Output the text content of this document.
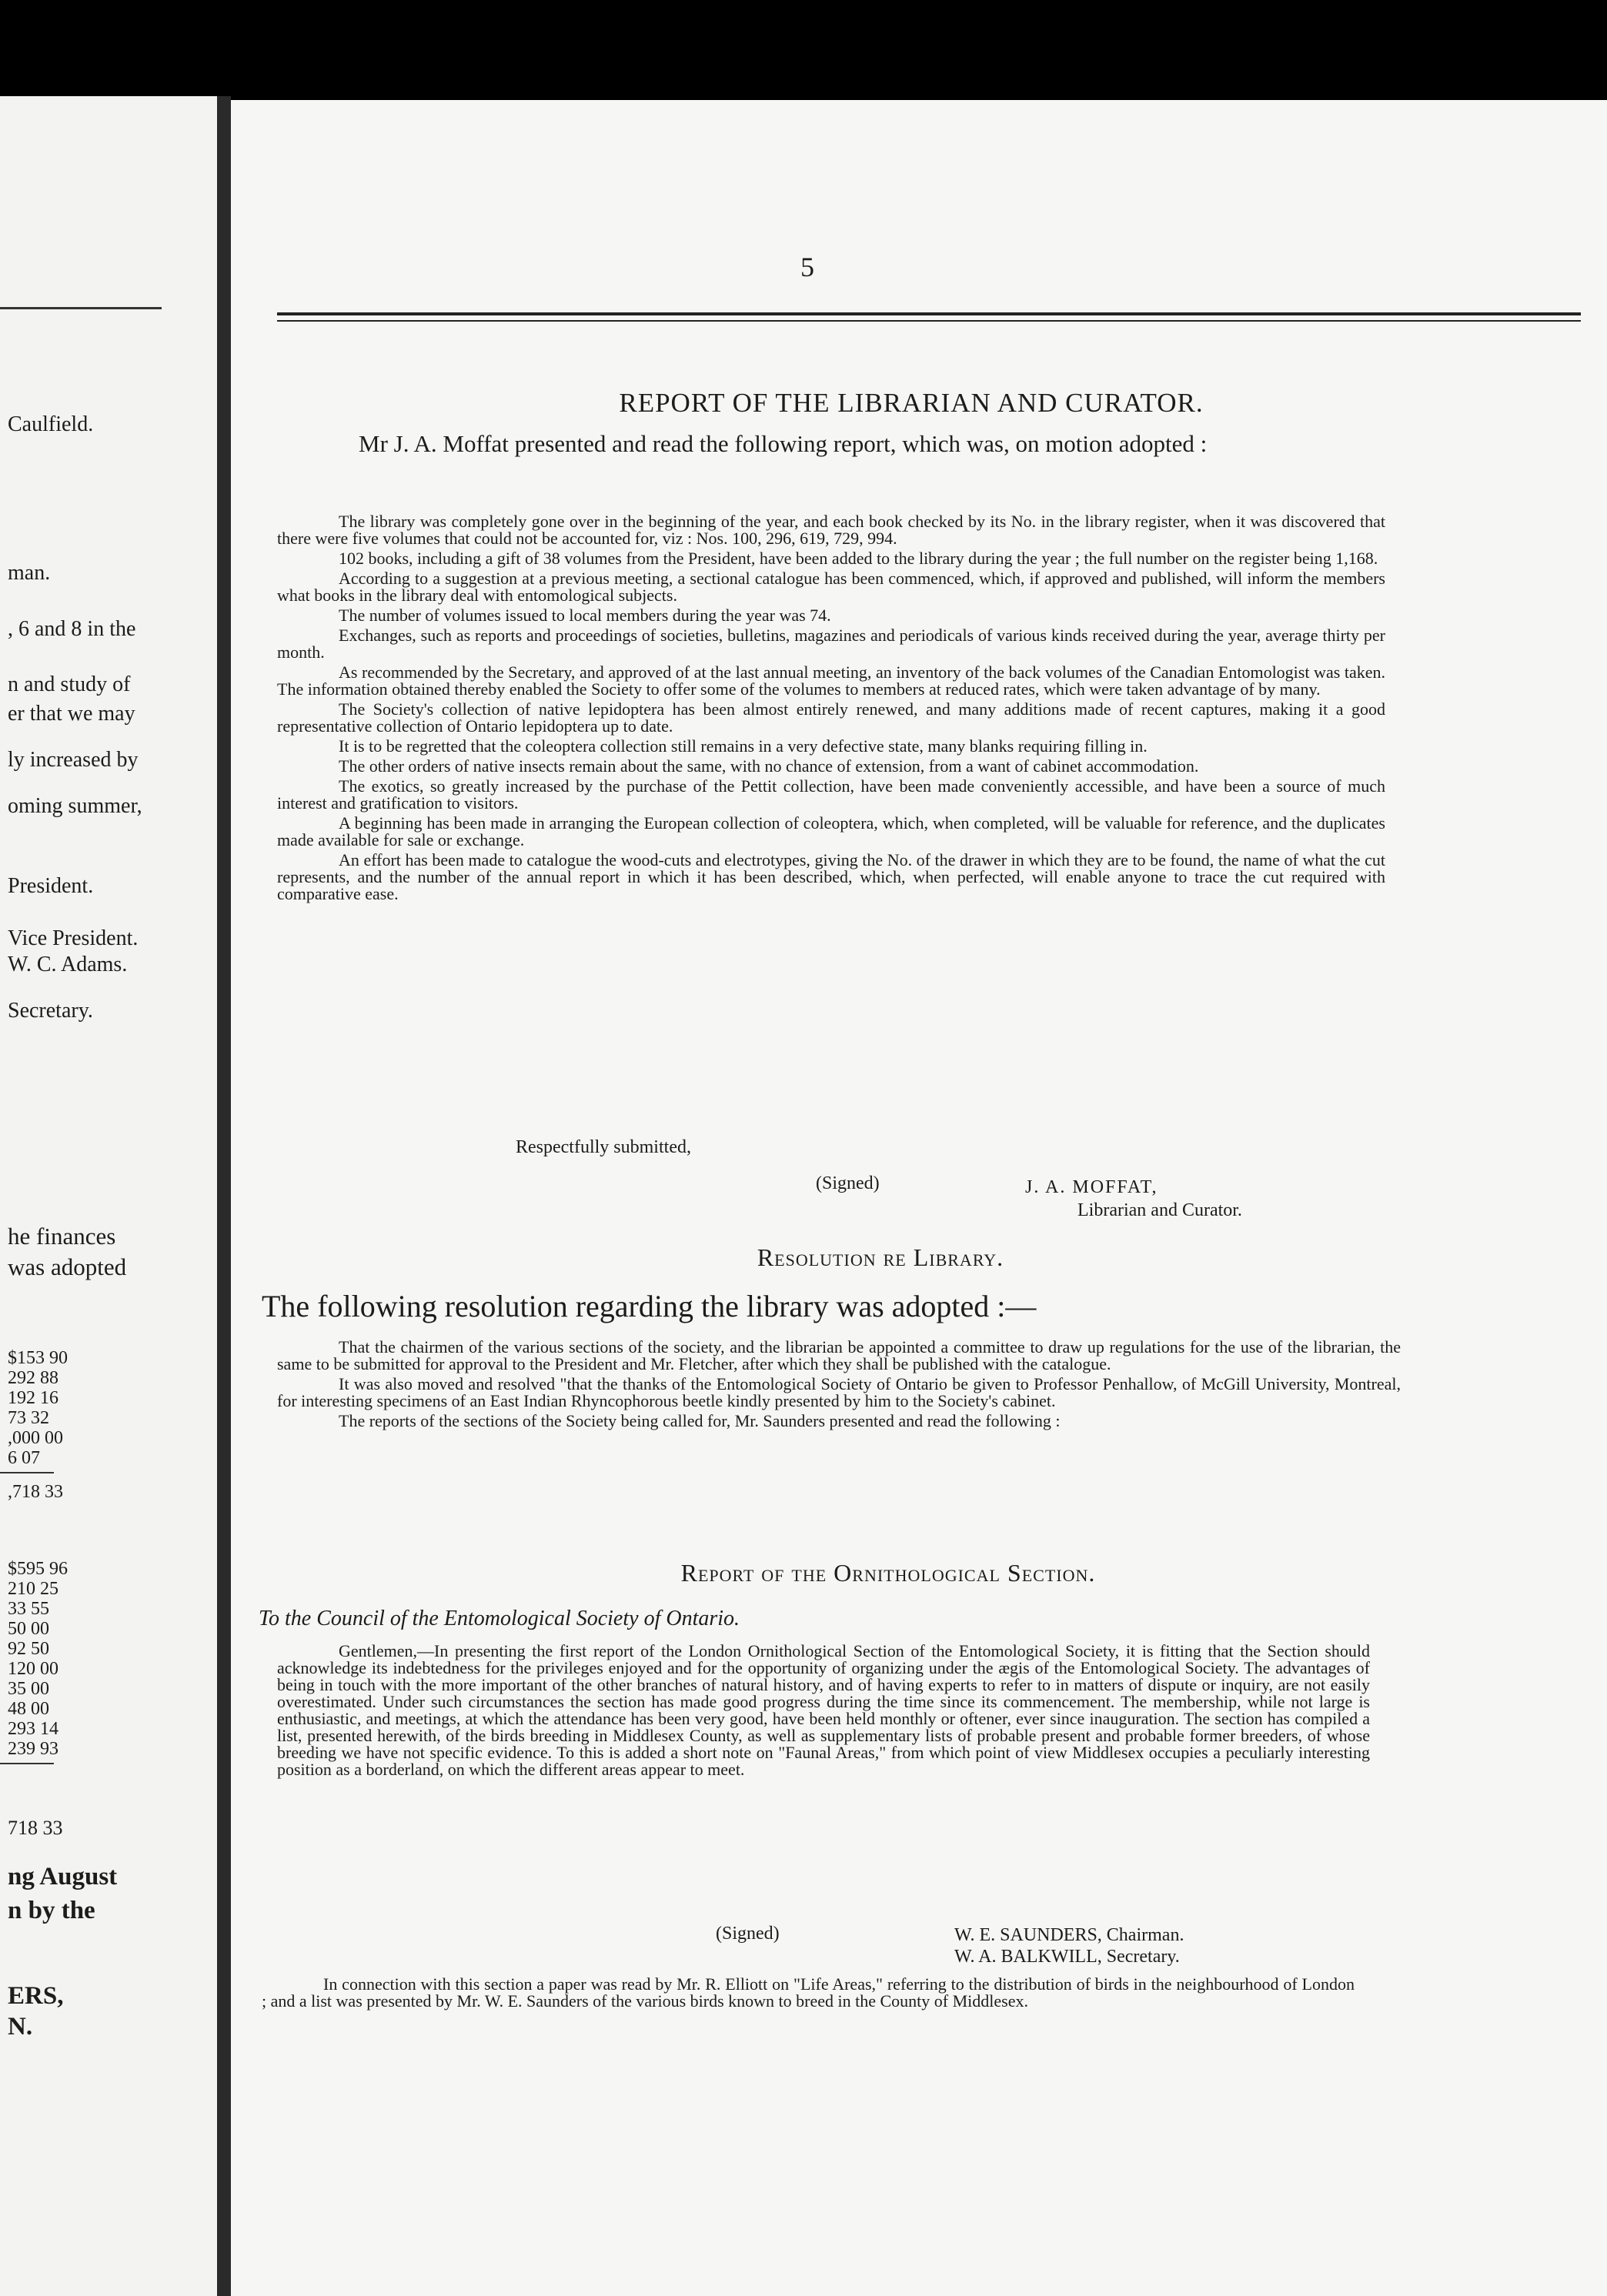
Caulfield.
man.
, 6 and 8 in the
n and study of
er that we may
ly increased by
oming summer,
President.
Vice President.
W. C. Adams.
Secretary.
he finances
was adopted
$153 90
292 88
192 16
73 32
,000 00
6 07
,718 33
$595 96
210 25
33 55
50 00
92 50
120 00
35 00
48 00
293 14
239 93
718 33
ng August
n by the
ERS,
N.
5
REPORT OF THE LIBRARIAN AND CURATOR.

Mr J. A. Moffat presented and read the following report, which was, on motion adopted :

The library was completely gone over in the beginning of the year, and each book checked by its No. in the library register, when it was discovered that there were five volumes that could not be accounted for, viz : Nos. 100, 296, 619, 729, 994.

102 books, including a gift of 38 volumes from the President, have been added to the library during the year ; the full number on the register being 1,168.

According to a suggestion at a previous meeting, a sectional catalogue has been commenced, which, if approved and published, will inform the members what books in the library deal with entomological subjects.

The number of volumes issued to local members during the year was 74.

Exchanges, such as reports and proceedings of societies, bulletins, magazines and periodicals of various kinds received during the year, average thirty per month.

As recommended by the Secretary, and approved of at the last annual meeting, an inventory of the back volumes of the Canadian Entomologist was taken. The information obtained thereby enabled the Society to offer some of the volumes to members at reduced rates, which were taken advantage of by many.

The Society's collection of native lepidoptera has been almost entirely renewed, and many additions made of recent captures, making it a good representative collection of Ontario lepidoptera up to date.

It is to be regretted that the coleoptera collection still remains in a very defective state, many blanks requiring filling in.

The other orders of native insects remain about the same, with no chance of extension, from a want of cabinet accommodation.

The exotics, so greatly increased by the purchase of the Pettit collection, have been made conveniently accessible, and have been a source of much interest and gratification to visitors.

A beginning has been made in arranging the European collection of coleoptera, which, when completed, will be valuable for reference, and the duplicates made available for sale or exchange.

An effort has been made to catalogue the wood-cuts and electrotypes, giving the No. of the drawer in which they are to be found, the name of what the cut represents, and the number of the annual report in which it has been described, which, when perfected, will enable anyone to trace the cut required with comparative ease.

Respectfully submitted,
(Signed)	J. A. MOFFAT,
Librarian and Curator.
Resolution re Library.
The following resolution regarding the library was adopted :—

That the chairmen of the various sections of the society, and the librarian be appointed a committee to draw up regulations for the use of the librarian, the same to be submitted for approval to the President and Mr. Fletcher, after which they shall be published with the catalogue.

It was also moved and resolved "that the thanks of the Entomological Society of Ontario be given to Professor Penhallow, of McGill University, Montreal, for interesting specimens of an East Indian Rhyncophorous beetle kindly presented by him to the Society's cabinet.

The reports of the sections of the Society being called for, Mr. Saunders presented and read the following :

Report of the Ornithological Section.
To the Council of the Entomological Society of Ontario.

Gentlemen,—In presenting the first report of the London Ornithological Section of the Entomological Society, it is fitting that the Section should acknowledge its indebtedness for the privileges enjoyed and for the opportunity of organizing under the ægis of the Entomological Society. The advantages of being in touch with the more important of the other branches of natural history, and of having experts to refer to in matters of dispute or inquiry, are not easily overestimated. Under such circumstances the section has made good progress during the time since its commencement. The membership, while not large is enthusiastic, and meetings, at which the attendance has been very good, have been held monthly or oftener, ever since inauguration. The section has compiled a list, presented herewith, of the birds breeding in Middlesex County, as well as supplementary lists of probable present and probable former breeders, of whose breeding we have not specific evidence. To this is added a short note on "Faunal Areas," from which point of view Middlesex occupies a peculiarly interesting position as a borderland, on which the different areas appear to meet.

(Signed)	W. E. SAUNDERS, Chairman.
W. A. BALKWILL, Secretary.

In connection with this section a paper was read by Mr. R. Elliott on "Life Areas," referring to the distribution of birds in the neighbourhood of London ; and a list was presented by Mr. W. E. Saunders of the various birds known to breed in the County of Middlesex.
